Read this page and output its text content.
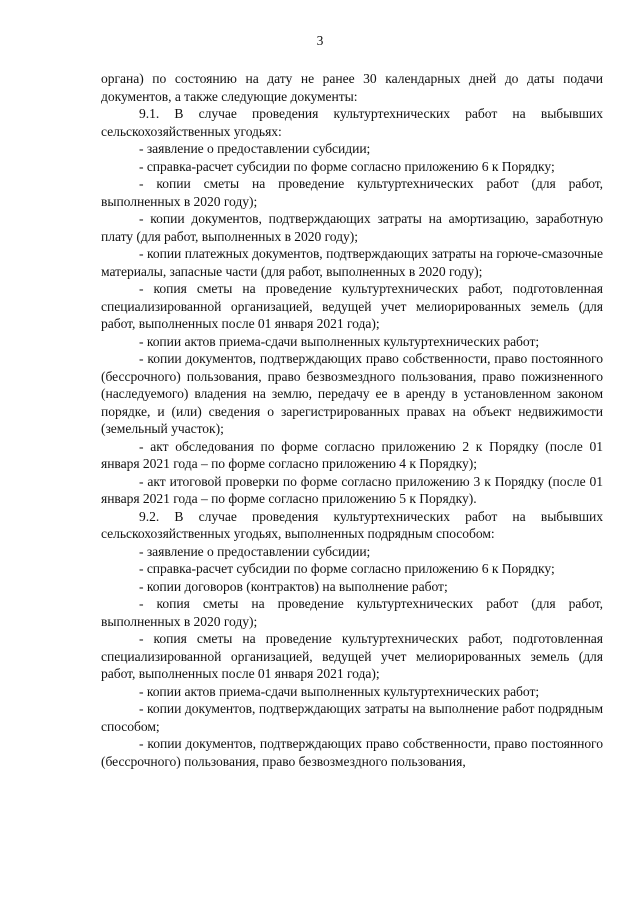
3

органа) по состоянию на дату не ранее 30 календарных дней до даты подачи документов, а также следующие документы:

9.1. В случае проведения культуртехнических работ на выбывших сельскохозяйственных угодьях:

- заявление о предоставлении субсидии;

- справка-расчет субсидии по форме согласно приложению 6 к Порядку;

- копии сметы на проведение культуртехнических работ (для работ, выполненных в 2020 году);

- копии документов, подтверждающих затраты на амортизацию, заработную плату (для работ, выполненных в 2020 году);

- копии платежных документов, подтверждающих затраты на горюче-смазочные материалы, запасные части (для работ, выполненных в 2020 году);

- копия сметы на проведение культуртехнических работ, подготовленная специализированной организацией, ведущей учет мелиорированных земель (для работ, выполненных после 01 января 2021 года);

- копии актов приема-сдачи выполненных культуртехнических работ;

- копии документов, подтверждающих право собственности, право постоянного (бессрочного) пользования, право безвозмездного пользования, право пожизненного (наследуемого) владения на землю, передачу ее в аренду в установленном законом порядке, и (или) сведения о зарегистрированных правах на объект недвижимости (земельный участок);

- акт обследования по форме согласно приложению 2 к Порядку (после 01 января 2021 года – по форме согласно приложению 4 к Порядку);

- акт итоговой проверки по форме согласно приложению 3 к Порядку (после 01 января 2021 года – по форме согласно приложению 5 к Порядку).

9.2. В случае проведения культуртехнических работ на выбывших сельскохозяйственных угодьях, выполненных подрядным способом:

- заявление о предоставлении субсидии;

- справка-расчет субсидии по форме согласно приложению 6 к Порядку;

- копии договоров (контрактов) на выполнение работ;

- копия сметы на проведение культуртехнических работ (для работ, выполненных в 2020 году);

- копия сметы на проведение культуртехнических работ, подготовленная специализированной организацией, ведущей учет мелиорированных земель (для работ, выполненных после 01 января 2021 года);

- копии актов приема-сдачи выполненных культуртехнических работ;

- копии документов, подтверждающих затраты на выполнение работ подрядным способом;

- копии документов, подтверждающих право собственности, право постоянного (бессрочного) пользования, право безвозмездного пользования,
